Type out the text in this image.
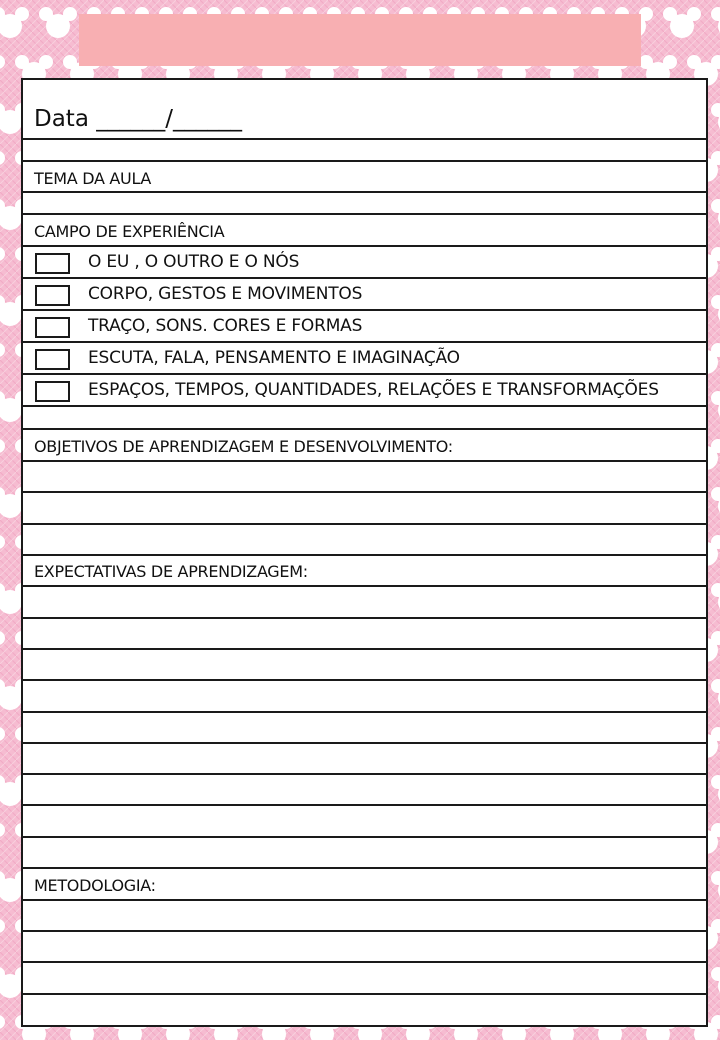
Data ______/______
TEMA DA AULA
CAMPO DE EXPERIÊNCIA
O EU , O OUTRO E O NÓS
CORPO, GESTOS E MOVIMENTOS
TRAÇO, SONS. CORES E FORMAS
ESCUTA, FALA, PENSAMENTO E IMAGINAÇÃO
ESPAÇOS, TEMPOS, QUANTIDADES, RELAÇÕES E TRANSFORMAÇÕES
OBJETIVOS DE APRENDIZAGEM E DESENVOLVIMENTO:
EXPECTATIVAS DE APRENDIZAGEM:
METODOLOGIA:
